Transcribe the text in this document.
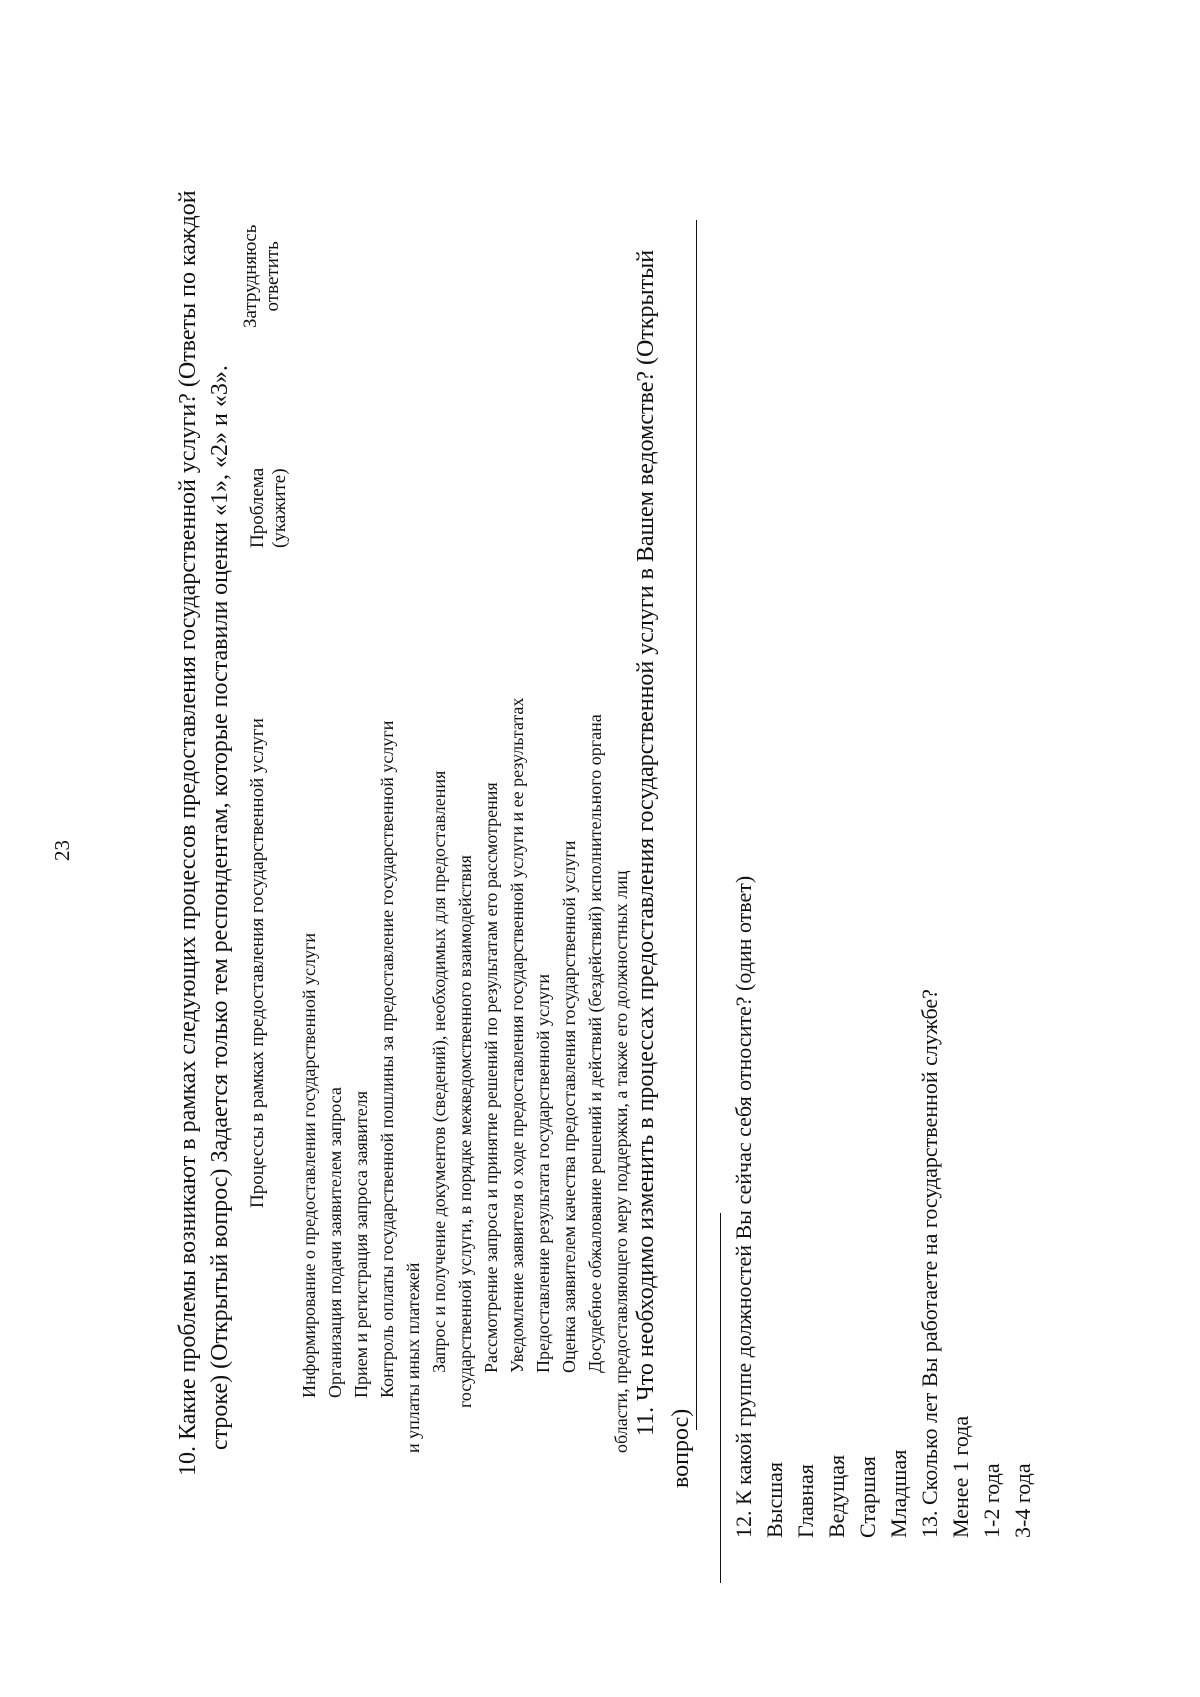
23	10. Какие проблемы возникают в рамках следующих процессов предоставления государственной услуги? (Ответы по каждой строке) (Открытый вопрос) Задается только тем респондентам, которые поставили оценки «1», «2» и «3». Процессы в рамках предоставления государственной услуги
Проблема (укажите)
Затрудняюсь ответить
Информирование о предоставлении государственной услуги Организация подачи заявителем запроса Прием и регистрация запроса заявителя Контроль оплаты государственной пошлины за предоставление государственной услуги и уплаты иных платежей Запрос и получение документов (сведений), необходимых для предоставления государственной услуги, в порядке межведомственного взаимодействия Рассмотрение запроса и принятие решений по результатам его рассмотрения Уведомление заявителя о ходе предоставления государственной услуги и ее результатах Предоставление результата государственной услуги Оценка заявителем качества предоставления государственной услуги Досудебное обжалование решений и действий (бездействий) исполнительного органа области, предоставляющего меру поддержки, а также его должностных лиц 11. Что необходимо изменить в процессах предоставления государственной услуги в Вашем ведомстве? (Открытый
вопрос) 12. К какой группе должностей Вы сейчас себя относите? (один ответ) Высшая Главная Ведущая Старшая Младшая 13. Сколько лет Вы работаете на государственной службе? Менее 1 года 1-2 года 3-4 года
